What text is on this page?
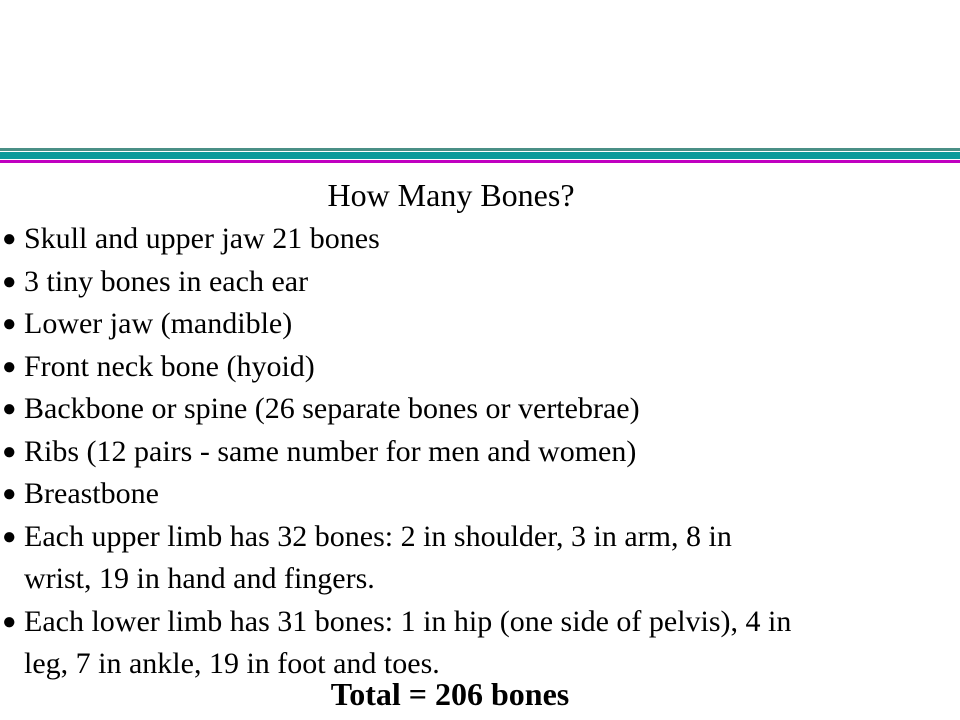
How Many Bones?
● Skull and upper jaw 21 bones
● 3 tiny bones in each ear
● Lower jaw (mandible)
● Front neck bone (hyoid)
● Backbone or spine (26 separate bones or vertebrae)
● Ribs (12 pairs - same number for men and women)
● Breastbone
● Each upper limb has 32 bones: 2 in shoulder, 3 in arm, 8 in
wrist, 19 in hand and fingers.
● Each lower limb has 31 bones: 1 in hip (one side of pelvis), 4 in
leg, 7 in ankle, 19 in foot and toes.
Total = 206 bones
